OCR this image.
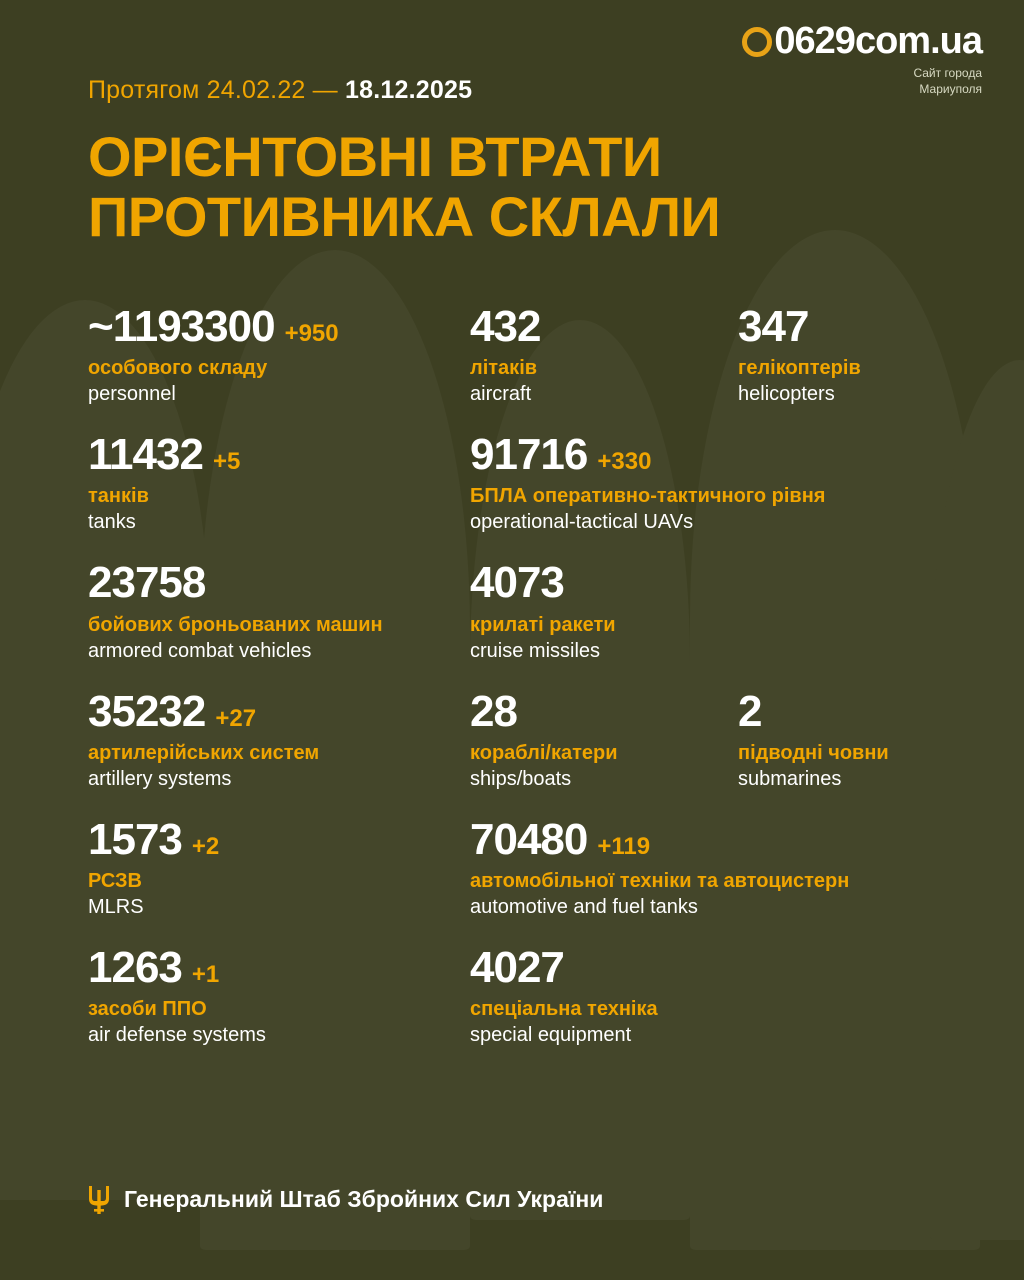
0629 com.ua
Сайт города
Мариуполя
Протягом 24.02.22 — 18.12.2025
ОРІЄНТОВНІ ВТРАТИ
ПРОТИВНИКА СКЛАЛИ
~1193300 +950
особового складу
personnel
432
літаків
aircraft
347
гелікоптерів
helicopters
11432 +5
танків
tanks
91716 +330
БПЛА оперативно-тактичного рівня
operational-tactical UAVs
23758
бойових броньованих машин
armored combat vehicles
4073
крилаті ракети
cruise missiles
35232 +27
артилерійських систем
artillery systems
28
кораблі/катери
ships/boats
2
підводні човни
submarines
1573 +2
РСЗВ
MLRS
70480 +119
автомобільної техніки та автоцистерн
automotive and fuel tanks
1263 +1
засоби ППО
air defense systems
4027
спеціальна техніка
special equipment
Генеральний Штаб Збройних Сил України
